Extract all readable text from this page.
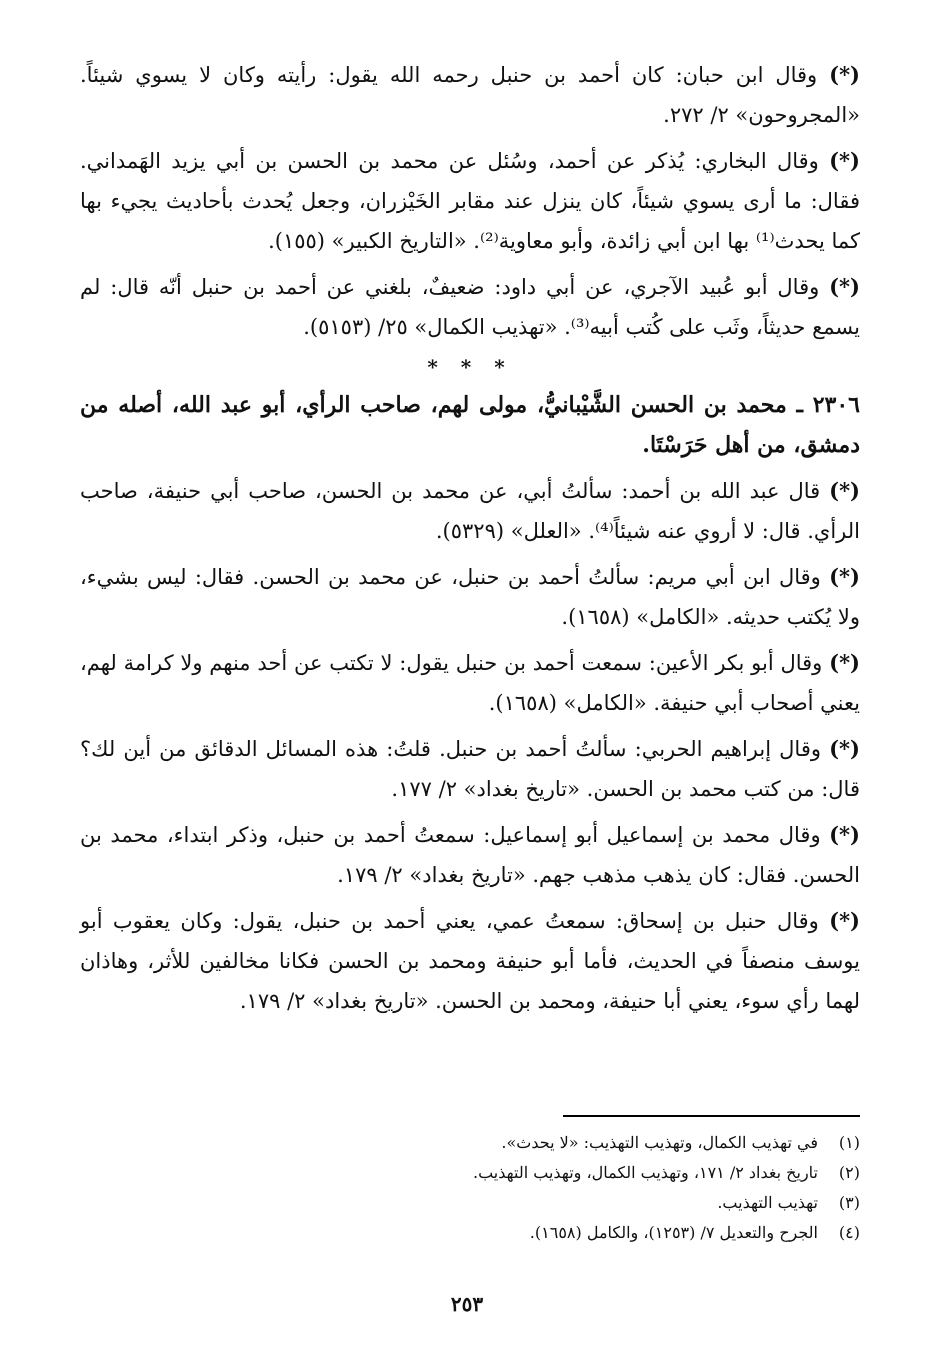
(*) وقال ابن حبان: كان أحمد بن حنبل رحمه الله يقول: رأيته وكان لا يسوي شيئاً. «المجروحون» ٢/ ٢٧٢.

(*) وقال البخاري: يُذكر عن أحمد، وسُئل عن محمد بن الحسن بن أبي يزيد الهَمداني. فقال: ما أرى يسوي شيئاً، كان ينزل عند مقابر الخَيْزران، وجعل يُحدث بأحاديث يجيء بها كما يحدث⁽¹⁾ بها ابن أبي زائدة، وأبو معاوية⁽²⁾. «التاريخ الكبير» (١٥٥).

(*) وقال أبو عُبيد الآجري، عن أبي داود: ضعيفٌ، بلغني عن أحمد بن حنبل أنّه قال: لم يسمع حديثاً، وثَب على كُتب أبيه⁽³⁾. «تهذيب الكمال» ٢٥/ (٥١٥٣).

* * *

٢٣٠٦ ـ محمد بن الحسن الشَّيْبانيُّ، مولى لهم، صاحب الرأي، أبو عبد الله، أصله من دمشق، من أهل حَرَسْتَا.

(*) قال عبد الله بن أحمد: سألتُ أبي، عن محمد بن الحسن، صاحب أبي حنيفة، صاحب الرأي. قال: لا أروي عنه شيئاً⁽⁴⁾. «العلل» (٥٣٢٩).

(*) وقال ابن أبي مريم: سألتُ أحمد بن حنبل، عن محمد بن الحسن. فقال: ليس بشيء، ولا يُكتب حديثه. «الكامل» (١٦٥٨).

(*) وقال أبو بكر الأعين: سمعت أحمد بن حنبل يقول: لا تكتب عن أحد منهم ولا كرامة لهم، يعني أصحاب أبي حنيفة. «الكامل» (١٦٥٨).

(*) وقال إبراهيم الحربي: سألتُ أحمد بن حنبل. قلتُ: هذه المسائل الدقائق من أين لك؟ قال: من كتب محمد بن الحسن. «تاريخ بغداد» ٢/ ١٧٧.

(*) وقال محمد بن إسماعيل أبو إسماعيل: سمعتُ أحمد بن حنبل، وذكر ابتداء، محمد بن الحسن. فقال: كان يذهب مذهب جهم. «تاريخ بغداد» ٢/ ١٧٩.

(*) وقال حنبل بن إسحاق: سمعتُ عمي، يعني أحمد بن حنبل، يقول: وكان يعقوب أبو يوسف منصفاً في الحديث، فأما أبو حنيفة ومحمد بن الحسن فكانا مخالفين للأثر، وهاذان لهما رأي سوء، يعني أبا حنيفة، ومحمد بن الحسن. «تاريخ بغداد» ٢/ ١٧٩.

(١)
في تهذيب الكمال، وتهذيب التهذيب: «لا يحدث».
(٢)
تاريخ بغداد ٢/ ١٧١، وتهذيب الكمال، وتهذيب التهذيب.
(٣)
تهذيب التهذيب.
(٤)
الجرح والتعديل ٧/ (١٢٥٣)، والكامل (١٦٥٨).
٢٥٣
